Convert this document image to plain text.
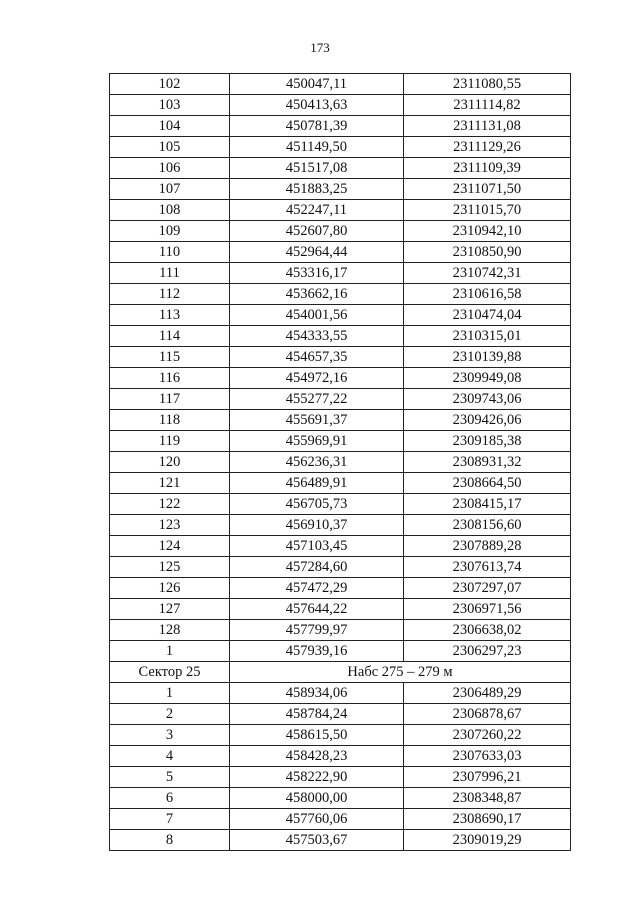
173
102	450047,11	2311080,55
103	450413,63	2311114,82
104	450781,39	2311131,08
105	451149,50	2311129,26
106	451517,08	2311109,39
107	451883,25	2311071,50
108	452247,11	2311015,70
109	452607,80	2310942,10
110	452964,44	2310850,90
111	453316,17	2310742,31
112	453662,16	2310616,58
113	454001,56	2310474,04
114	454333,55	2310315,01
115	454657,35	2310139,88
116	454972,16	2309949,08
117	455277,22	2309743,06
118	455691,37	2309426,06
119	455969,91	2309185,38
120	456236,31	2308931,32
121	456489,91	2308664,50
122	456705,73	2308415,17
123	456910,37	2308156,60
124	457103,45	2307889,28
125	457284,60	2307613,74
126	457472,29	2307297,07
127	457644,22	2306971,56
128	457799,97	2306638,02
1	457939,16	2306297,23
Сектор 25	Набс 275 – 279 м	
1	458934,06	2306489,29
2	458784,24	2306878,67
3	458615,50	2307260,22
4	458428,23	2307633,03
5	458222,90	2307996,21
6	458000,00	2308348,87
7	457760,06	2308690,17
8	457503,67	2309019,29
